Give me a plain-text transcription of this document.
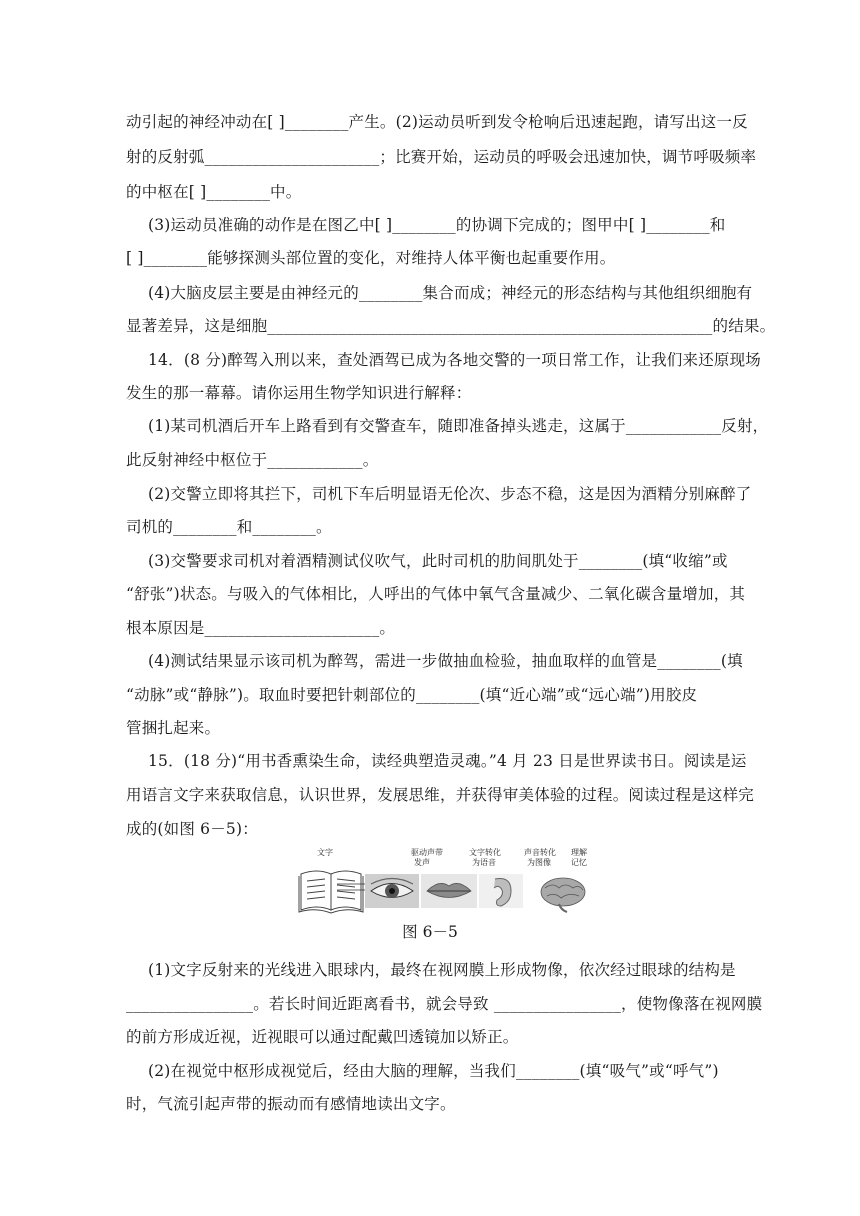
动引起的神经冲动在[ ]________产生。(2)运动员听到发令枪响后迅速起跑，请写出这一反
射的反射弧______________________；比赛开始，运动员的呼吸会迅速加快，调节呼吸频率
的中枢在[ ]________中。
(3)运动员准确的动作是在图乙中[ ]________的协调下完成的；图甲中[ ]________和
[ ]________能够探测头部位置的变化，对维持人体平衡也起重要作用。
(4)大脑皮层主要是由神经元的________集合而成；神经元的形态结构与其他组织细胞有
显著差异，这是细胞________________________________________________________的结果。
14．(8 分)醉驾入刑以来，查处酒驾已成为各地交警的一项日常工作，让我们来还原现场
发生的那一幕幕。请你运用生物学知识进行解释：
(1)某司机酒后开车上路看到有交警查车，随即准备掉头逃走，这属于____________反射，
此反射神经中枢位于____________。
(2)交警立即将其拦下，司机下车后明显语无伦次、步态不稳，这是因为酒精分别麻醉了
司机的________和________。
(3)交警要求司机对着酒精测试仪吹气，此时司机的肋间肌处于________(填“收缩”或
“舒张”)状态。与吸入的气体相比，人呼出的气体中氧气含量减少、二氧化碳含量增加，其
根本原因是______________________。
(4)测试结果显示该司机为醉驾，需进一步做抽血检验，抽血取样的血管是________(填
“动脉”或“静脉”)。取血时要把针刺部位的________(填“近心端”或“远心端”)用胶皮
管捆扎起来。
15．(18 分)“用书香熏染生命，读经典塑造灵魂。”4 月 23 日是世界读书日。阅读是运
用语言文字来获取信息，认识世界，发展思维，并获得审美体验的过程。阅读过程是这样完
成的(如图 6－5)：
文字	驱动声带
发声
文字转化
为语音
声音转化
为图像
理解
记忆
图 6－5
(1)文字反射来的光线进入眼球内，最终在视网膜上形成物像，依次经过眼球的结构是
________________。若长时间近距离看书，就会导致 ________________，使物像落在视网膜
的前方形成近视，近视眼可以通过配戴凹透镜加以矫正。
(2)在视觉中枢形成视觉后，经由大脑的理解，当我们________(填“吸气”或“呼气”)
时，气流引起声带的振动而有感情地读出文字。
